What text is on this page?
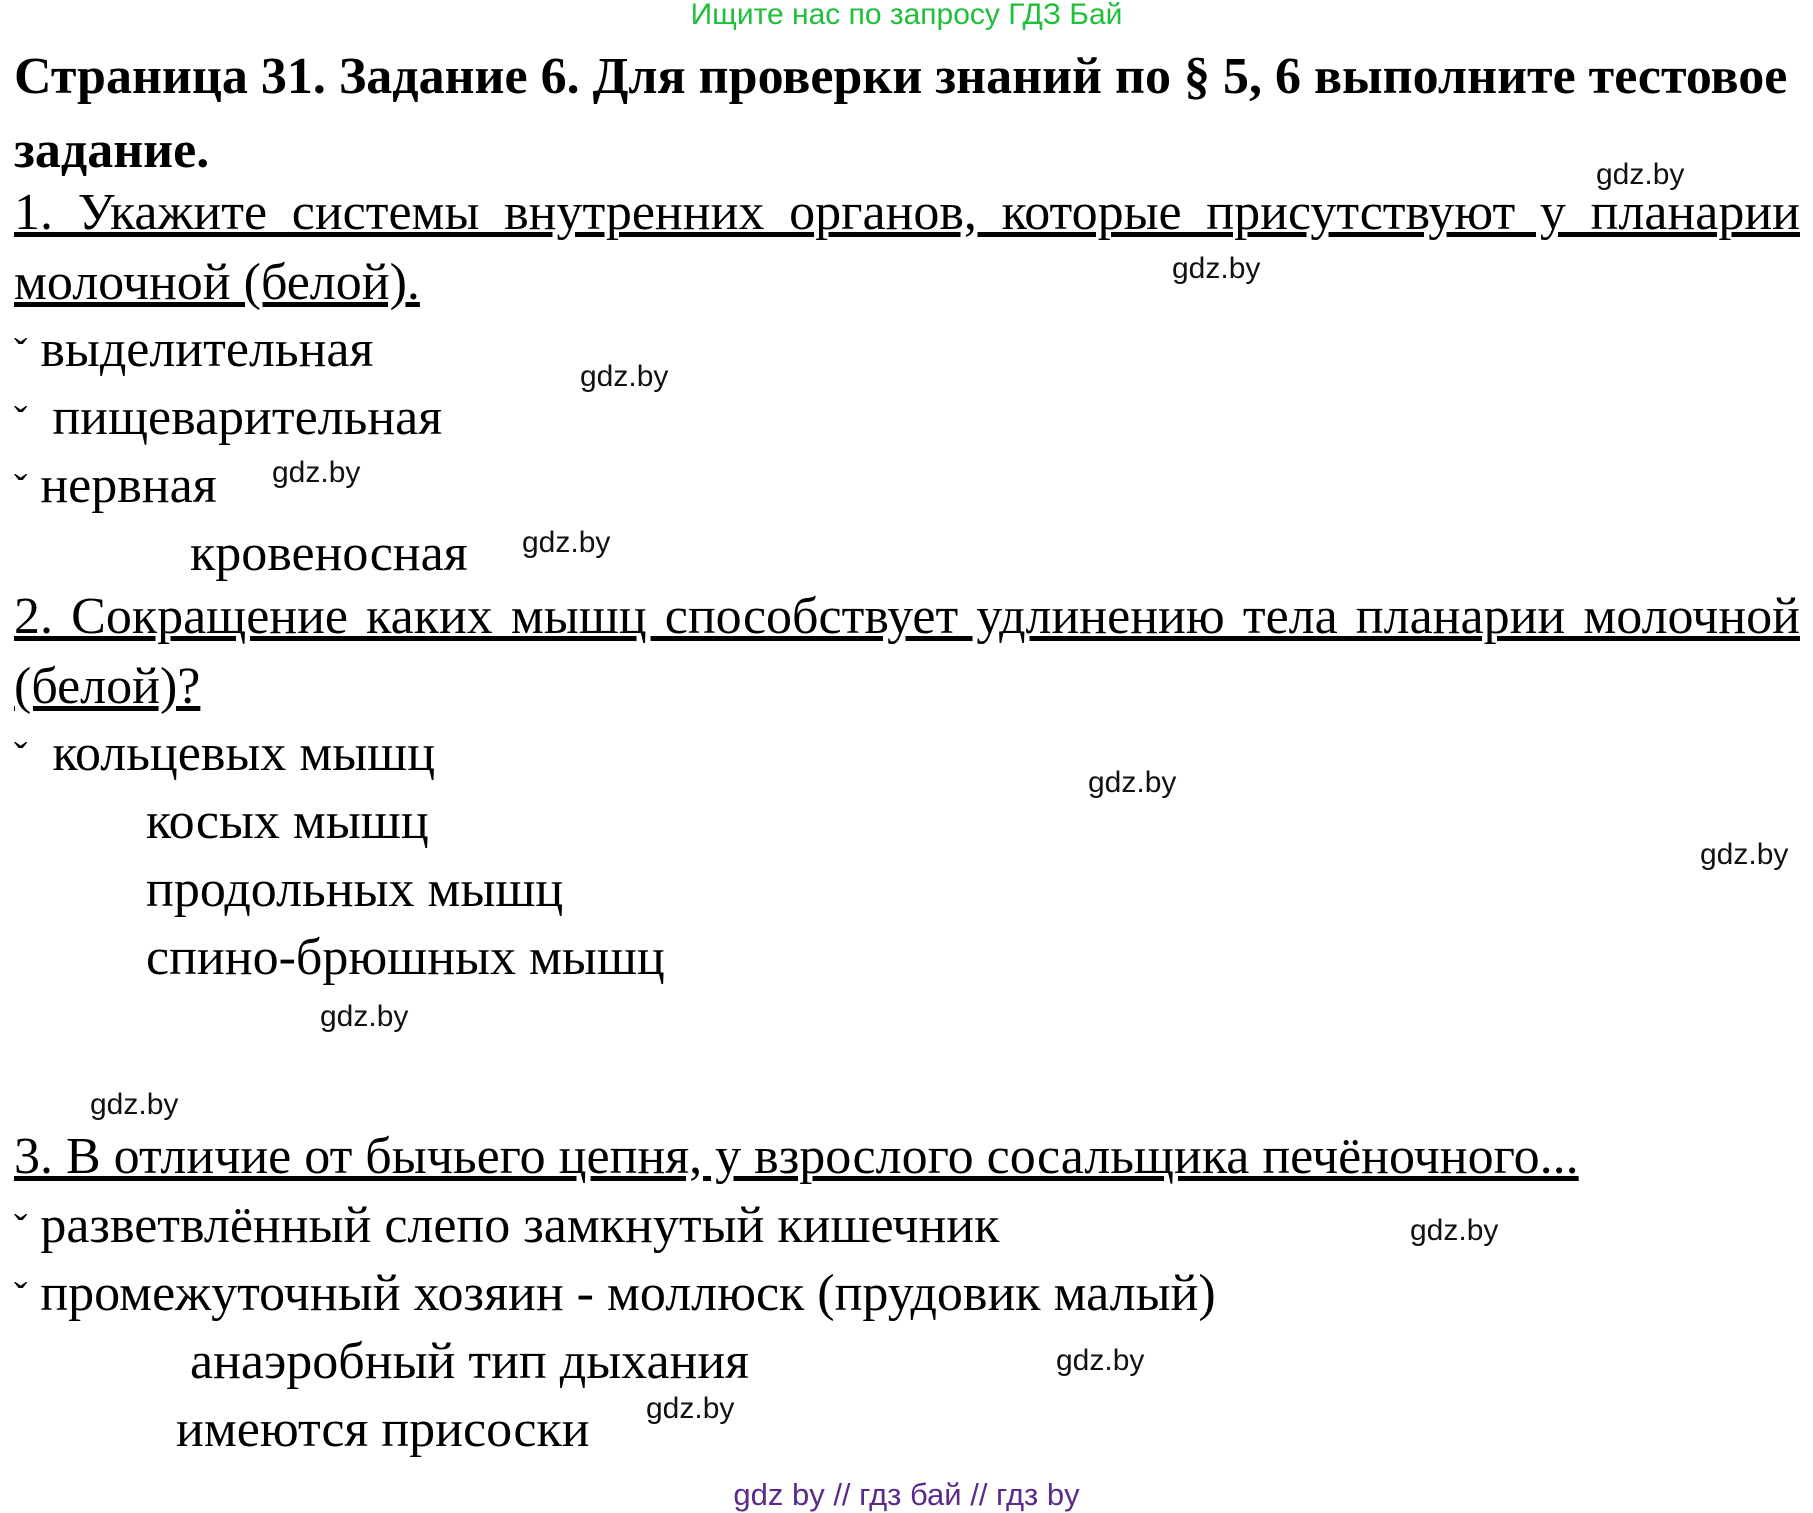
Ищите нас по запросу ГДЗ Бай
Страница 31. Задание 6. Для проверки знаний по § 5, 6 выполните тестовое задание.
1. Укажите системы внутренних органов, которые присутствуют у планарии молочной (белой).
ˇ выделительная
ˇ пищеварительная
ˇ нервная
кровеносная
2. Сокращение каких мышц способствует удлинению тела планарии молочной (белой)?
ˇ кольцевых мышц
косых мышц
продольных мышц
спино-брюшных мышц
3. В отличие от бычьего цепня, у взрослого сосальщика печёночного...
ˇ разветвлённый слепо замкнутый кишечник
ˇ промежуточный хозяин - моллюск (прудовик малый)
анаэробный тип дыхания
имеются присоски
gdz.by
gdz.by
gdz.by
gdz.by
gdz.by
gdz.by
gdz.by
gdz.by
gdz.by
gdz.by
gdz.by
gdz.by
gdz by // гдз бай // гдз by
